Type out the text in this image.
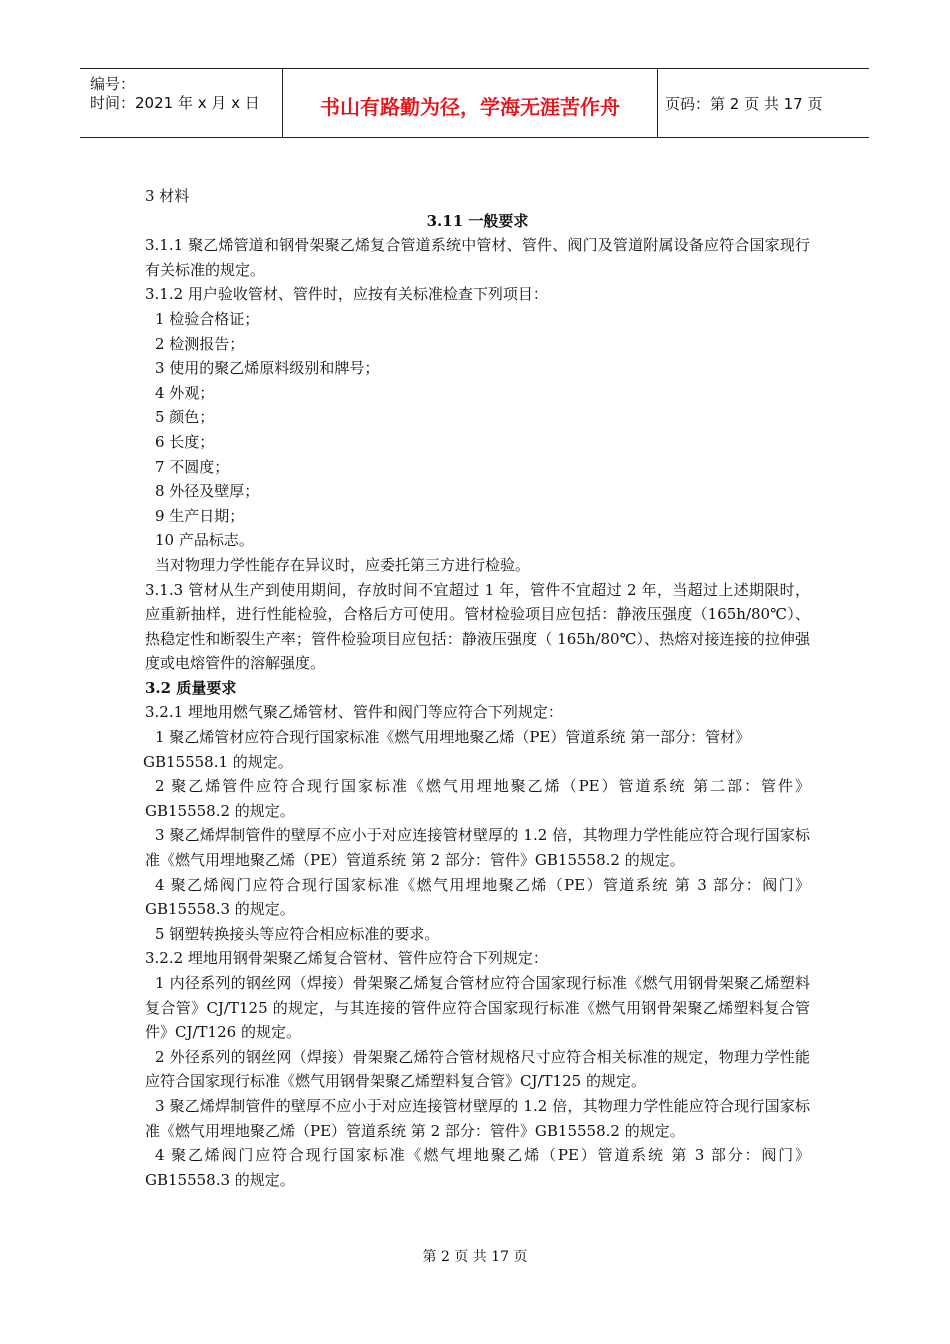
编号：
时间：2021 年 x 月 x 日	书山有路勤为径，学海无涯苦作舟	页码：第 2 页 共 17 页

3 材料

3.11 一般要求

3.1.1 聚乙烯管道和钢骨架聚乙烯复合管道系统中管材、管件、阀门及管道附属设备应符合国家现行有关标准的规定。

3.1.2 用户验收管材、管件时，应按有关标准检查下列项目：

1 检验合格证；

2 检测报告；

3 使用的聚乙烯原料级别和牌号；

4 外观；

5 颜色；

6 长度；

7 不圆度；

8 外径及壁厚；

9 生产日期；

10 产品标志。

当对物理力学性能存在异议时，应委托第三方进行检验。

3.1.3 管材从生产到使用期间，存放时间不宜超过 1 年，管件不宜超过 2 年，当超过上述期限时，应重新抽样，进行性能检验，合格后方可使用。管材检验项目应包括：静液压强度（165h/80℃）、热稳定性和断裂生产率；管件检验项目应包括：静液压强度（ 165h/80℃）、热熔对接连接的拉伸强度或电熔管件的溶解强度。

3.2 质量要求

3.2.1 埋地用燃气聚乙烯管材、管件和阀门等应符合下列规定：

1 聚乙烯管材应符合现行国家标准《燃气用埋地聚乙烯（PE）管道系统 第一部分：管材》

GB15558.1 的规定。

2 聚乙烯管件应符合现行国家标准《燃气用埋地聚乙烯（PE）管道系统 第二部：管件》GB15558.2 的规定。

3 聚乙烯焊制管件的壁厚不应小于对应连接管材壁厚的 1.2 倍，其物理力学性能应符合现行国家标准《燃气用埋地聚乙烯（PE）管道系统 第 2 部分：管件》GB15558.2 的规定。

4 聚乙烯阀门应符合现行国家标准《燃气用埋地聚乙烯（PE）管道系统 第 3 部分：阀门》GB15558.3 的规定。

5 钢塑转换接头等应符合相应标准的要求。

3.2.2 埋地用钢骨架聚乙烯复合管材、管件应符合下列规定：

1 内径系列的钢丝网（焊接）骨架聚乙烯复合管材应符合国家现行标准《燃气用钢骨架聚乙烯塑料复合管》CJ/T125 的规定，与其连接的管件应符合国家现行标准《燃气用钢骨架聚乙烯塑料复合管件》CJ/T126 的规定。

2 外径系列的钢丝网（焊接）骨架聚乙烯符合管材规格尺寸应符合相关标准的规定，物理力学性能应符合国家现行标准《燃气用钢骨架聚乙烯塑料复合管》CJ/T125 的规定。

3 聚乙烯焊制管件的壁厚不应小于对应连接管材壁厚的 1.2 倍，其物理力学性能应符合现行国家标准《燃气用埋地聚乙烯（PE）管道系统 第 2 部分：管件》GB15558.2 的规定。

4 聚乙烯阀门应符合现行国家标准《燃气埋地聚乙烯（PE）管道系统 第 3 部分：阀门》GB15558.3 的规定。

第 2 页 共 17 页
